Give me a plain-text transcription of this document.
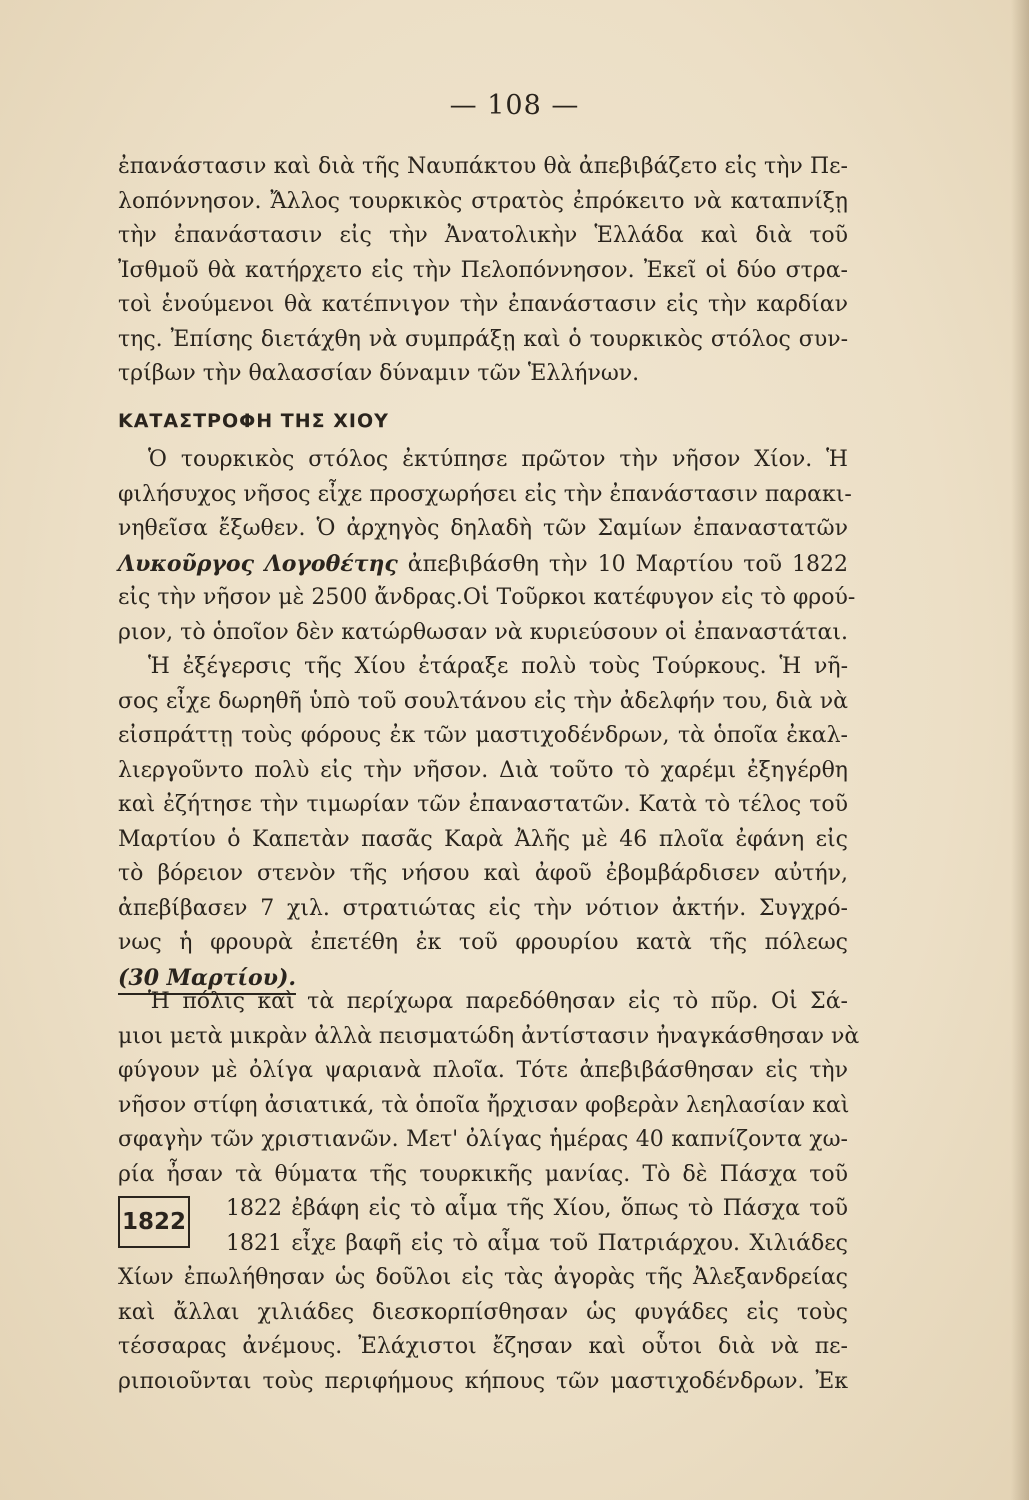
— 108 —
ἐπανάστασιν καὶ διὰ τῆς Ναυπάκτου θὰ ἀπεβιβάζετο εἰς τὴν Πε-
λοπόννησον. Ἄλλος τουρκικὸς στρατὸς ἐπρόκειτο νὰ καταπνίξῃ
τὴν ἐπανάστασιν εἰς τὴν Ἀνατολικὴν Ἑλλάδα καὶ διὰ τοῦ
Ἰσθμοῦ θὰ κατήρχετο εἰς τὴν Πελοπόννησον. Ἐκεῖ οἱ δύο στρα-
τοὶ ἑνούμενοι θὰ κατέπνιγον τὴν ἐπανάστασιν εἰς τὴν καρδίαν
της. Ἐπίσης διετάχθη νὰ συμπράξῃ καὶ ὁ τουρκικὸς στόλος συν-
τρίβων τὴν θαλασσίαν δύναμιν τῶν Ἑλλήνων.
ΚΑΤΑΣΤΡΟΦΗ ΤΗΣ ΧΙΟΥ
Ὁ τουρκικὸς στόλος ἐκτύπησε πρῶτον τὴν νῆσον Χίον. Ἡ
φιλήσυχος νῆσος εἶχε προσχωρήσει εἰς τὴν ἐπανάστασιν παρακι-
νηθεῖσα ἔξωθεν. Ὁ ἀρχηγὸς δηλαδὴ τῶν Σαμίων ἐπαναστατῶν
Λυκοῦργος Λογοθέτης ἀπεβιβάσθη τὴν 10 Μαρτίου τοῦ 1822
εἰς τὴν νῆσον μὲ 2500 ἄνδρας.Οἱ Τοῦρκοι κατέφυγον εἰς τὸ φρού-
ριον, τὸ ὁποῖον δὲν κατώρθωσαν νὰ κυριεύσουν οἱ ἐπαναστάται.
Ἡ ἐξέγερσις τῆς Χίου ἐτάραξε πολὺ τοὺς Τούρκους. Ἡ νῆ-
σος εἶχε δωρηθῆ ὑπὸ τοῦ σουλτάνου εἰς τὴν ἀδελφήν του, διὰ νὰ
εἰσπράττῃ τοὺς φόρους ἐκ τῶν μαστιχοδένδρων, τὰ ὁποῖα ἐκαλ-
λιεργοῦντο πολὺ εἰς τὴν νῆσον. Διὰ τοῦτο τὸ χαρέμι ἐξηγέρθη
καὶ ἐζήτησε τὴν τιμωρίαν τῶν ἐπαναστατῶν. Κατὰ τὸ τέλος τοῦ
Μαρτίου ὁ Καπετὰν πασᾶς Καρὰ Ἀλῆς μὲ 46 πλοῖα ἐφάνη εἰς
τὸ βόρειον στενὸν τῆς νήσου καὶ ἀφοῦ ἐβομβάρδισεν αὐτήν,
ἀπεβίβασεν 7 χιλ. στρατιώτας εἰς τὴν νότιον ἀκτήν. Συγχρό-
νως ἡ φρουρὰ ἐπετέθη ἐκ τοῦ φρουρίου κατὰ τῆς πόλεως
(30 Μαρτίου).
Ἡ πόλις καὶ τὰ περίχωρα παρεδόθησαν εἰς τὸ πῦρ. Οἱ Σά-
μιοι μετὰ μικρὰν ἀλλὰ πεισματώδη ἀντίστασιν ἠναγκάσθησαν νὰ
φύγουν μὲ ὀλίγα ψαριανὰ πλοῖα. Τότε ἀπεβιβάσθησαν εἰς τὴν
νῆσον στίφη ἀσιατικά, τὰ ὁποῖα ἤρχισαν φοβερὰν λεηλασίαν καὶ
σφαγὴν τῶν χριστιανῶν. Μετ' ὀλίγας ἡμέρας 40 καπνίζοντα χω-
ρία ἦσαν τὰ θύματα τῆς τουρκικῆς μανίας. Τὸ δὲ Πάσχα τοῦ
1822 ἐβάφη εἰς τὸ αἷμα τῆς Χίου, ὅπως τὸ Πάσχα τοῦ
1821 εἶχε βαφῆ εἰς τὸ αἷμα τοῦ Πατριάρχου. Χιλιάδες
Χίων ἐπωλήθησαν ὡς δοῦλοι εἰς τὰς ἀγορὰς τῆς Ἀλεξανδρείας
καὶ ἄλλαι χιλιάδες διεσκορπίσθησαν ὡς φυγάδες εἰς τοὺς
τέσσαρας ἀνέμους. Ἐλάχιστοι ἔζησαν καὶ οὗτοι διὰ νὰ πε-
ριποιοῦνται τοὺς περιφήμους κήπους τῶν μαστιχοδένδρων. Ἐκ
1822
